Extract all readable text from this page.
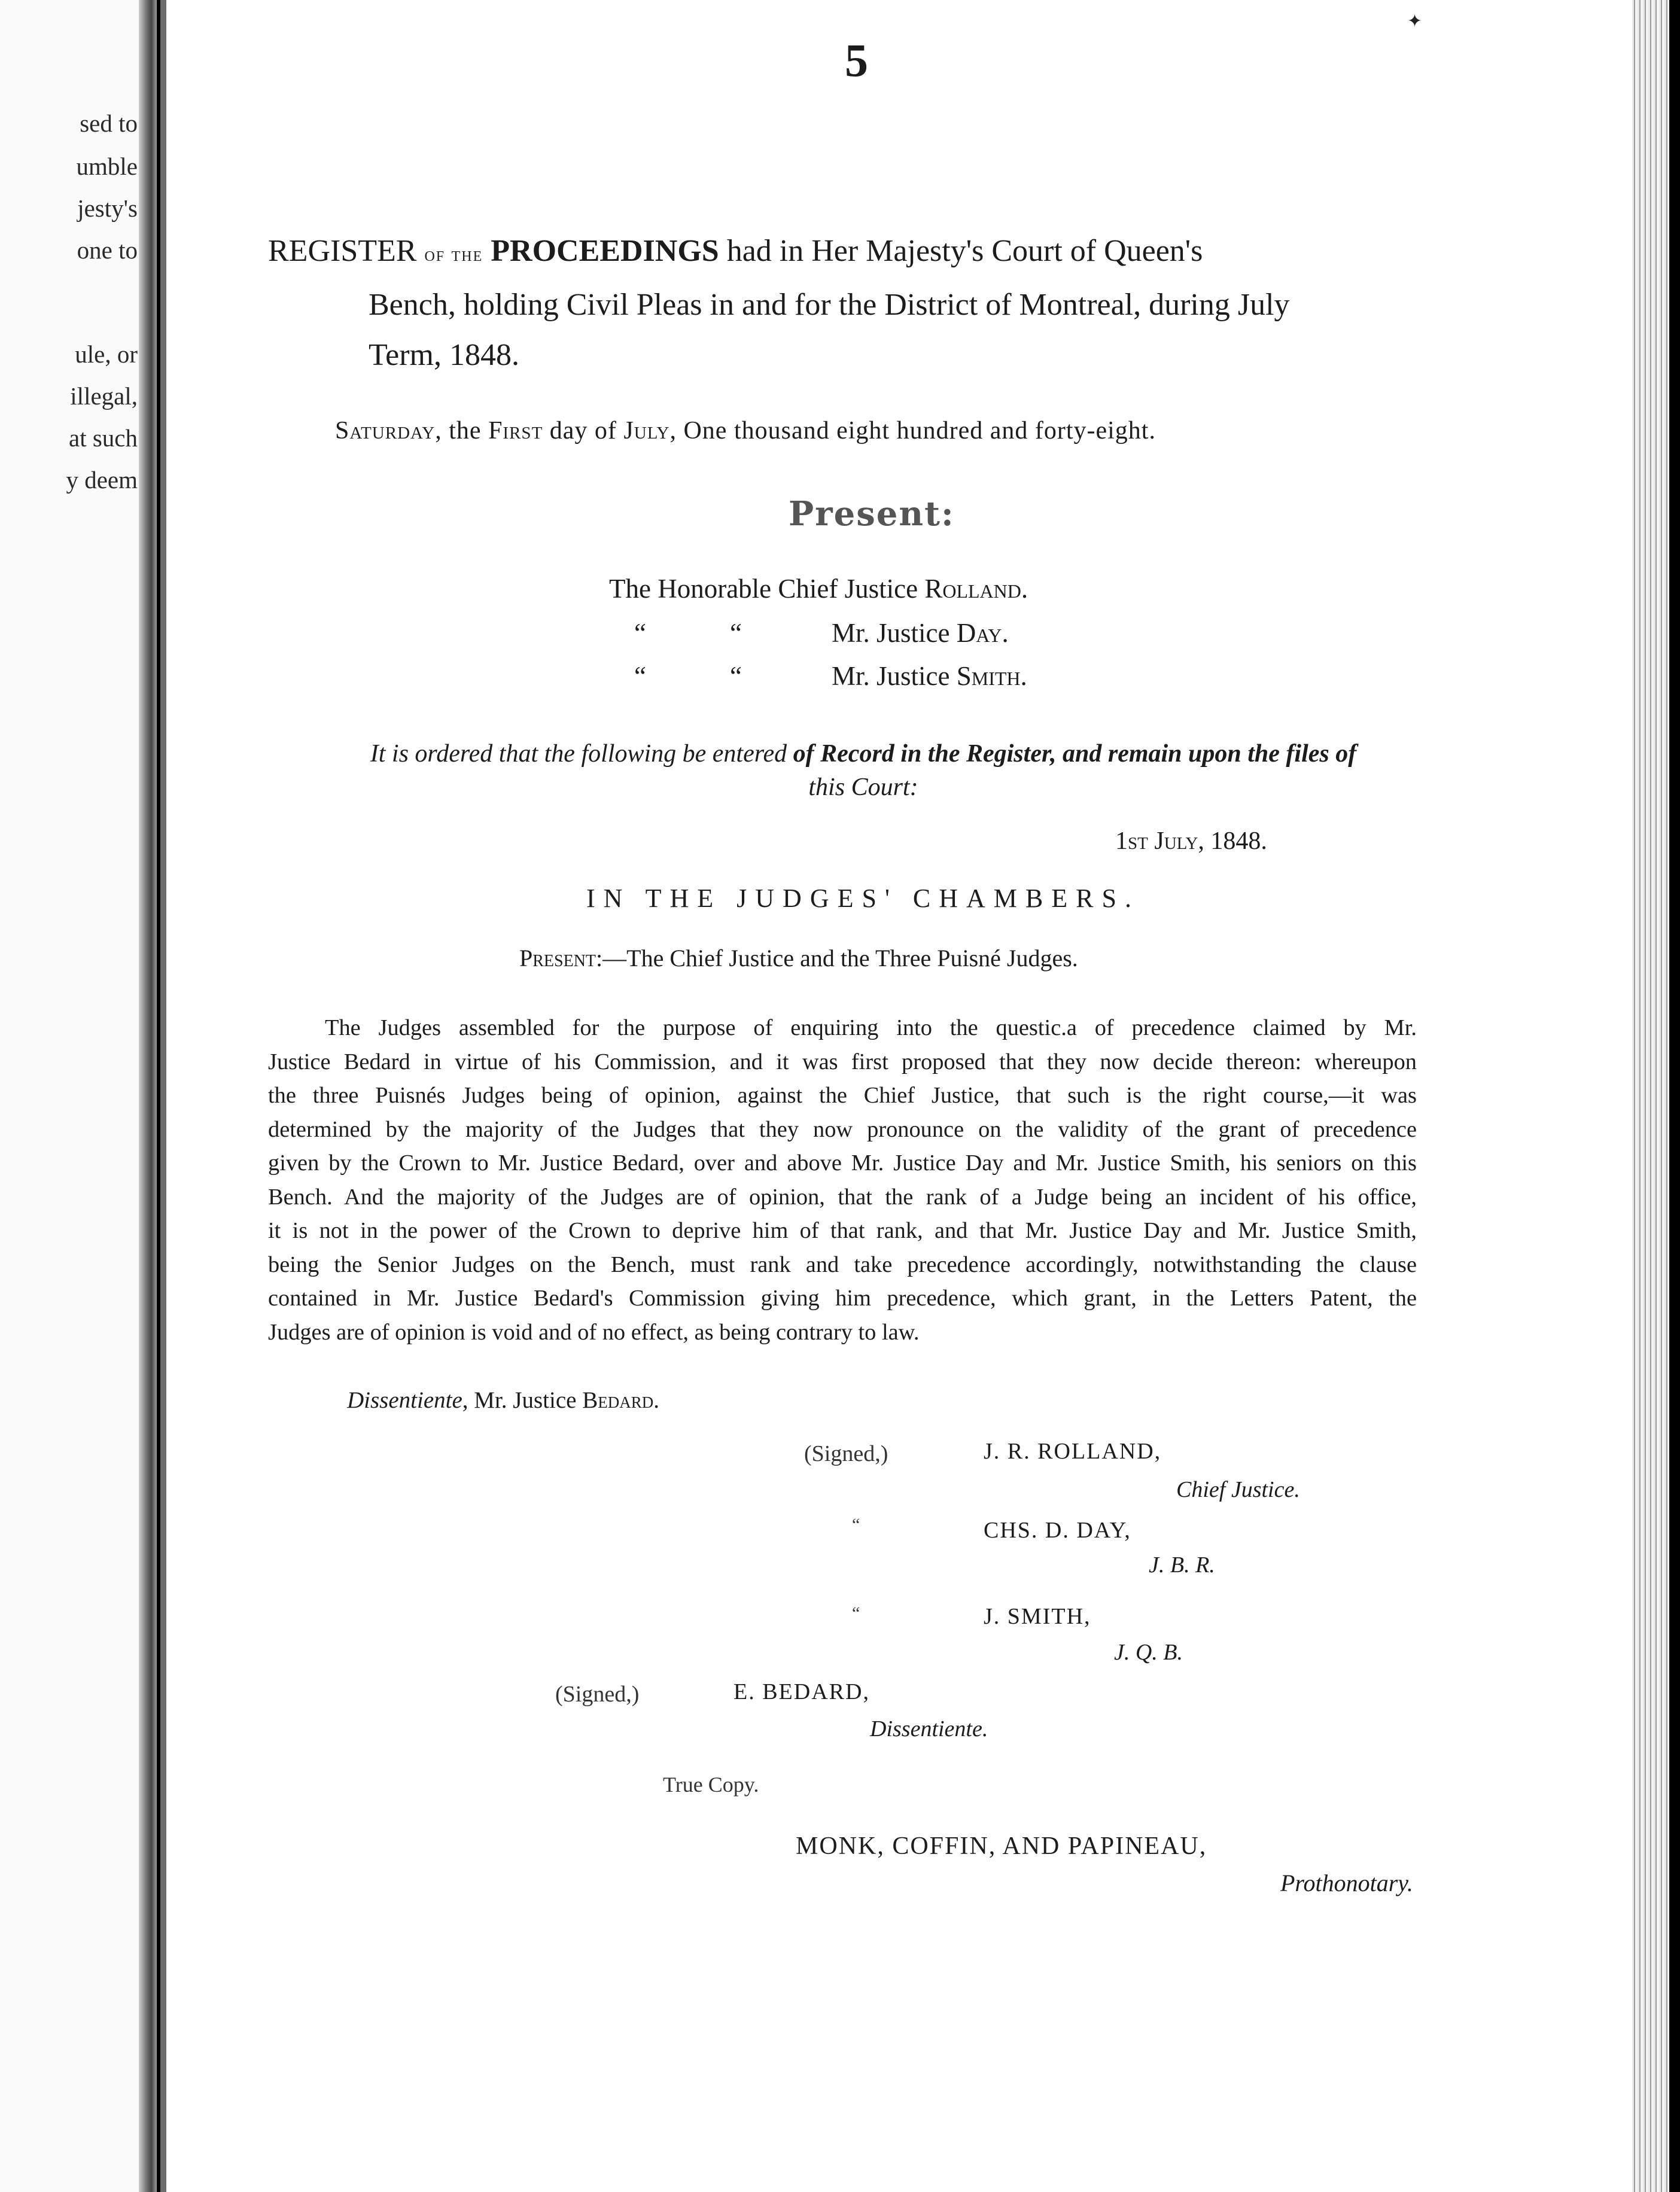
sed to
umble
jesty's
one to
ule, or
illegal,
at such
y deem
✦
5
REGISTER of the PROCEEDINGS had in Her Majesty's Court of Queen's
Bench, holding Civil Pleas in and for the District of Montreal, during July
Term, 1848.
Saturday, the First day of July, One thousand eight hundred and forty-eight.
Present:
The Honorable Chief Justice Rolland.
“	“	Mr. Justice Day.
“	“	Mr. Justice Smith.
It is ordered that the following be entered of Record in the Register, and remain upon the files of
this Court:
1st July, 1848.
IN THE JUDGES' CHAMBERS.
Present:—The Chief Justice and the Three Puisné Judges.
The Judges assembled for the purpose of enquiring into the questic.a of precedence claimed by Mr.
Justice Bedard in virtue of his Commission, and it was first proposed that they now decide thereon: whereupon
the three Puisnés Judges being of opinion, against the Chief Justice, that such is the right course,—it was
determined by the majority of the Judges that they now pronounce on the validity of the grant of precedence
given by the Crown to Mr. Justice Bedard, over and above Mr. Justice Day and Mr. Justice Smith, his seniors on this
Bench. And the majority of the Judges are of opinion, that the rank of a Judge being an incident of his office,
it is not in the power of the Crown to deprive him of that rank, and that Mr. Justice Day and Mr. Justice Smith,
being the Senior Judges on the Bench, must rank and take precedence accordingly, notwithstanding the clause
contained in Mr. Justice Bedard's Commission giving him precedence, which grant, in the Letters Patent, the
Judges are of opinion is void and of no effect, as being contrary to law.
Dissentiente, Mr. Justice Bedard.
(Signed,)	J. R. ROLLAND,
Chief Justice.
“	CHS. D. DAY,
J. B. R.
“	J. SMITH,
J. Q. B.
(Signed,)	E. BEDARD,
Dissentiente.
True Copy.
MONK, COFFIN, AND PAPINEAU,
Prothonotary.
